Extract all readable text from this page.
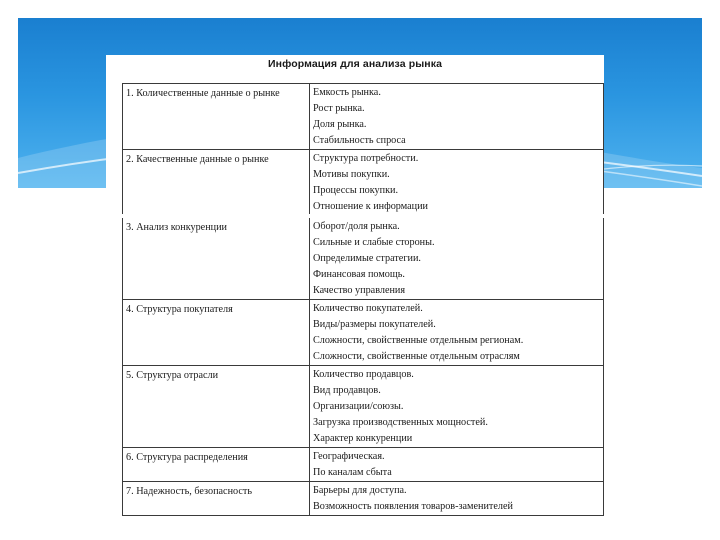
Информация для анализа рынка
1. Количественные данные о рынке	Емкость рынка.
Рост рынка.
Доля рынка.
Стабильность спроса

2. Качественные данные о рынке	Структура потребности.
Мотивы покупки.
Процессы покупки.
Отношение к информации
3. Анализ конкуренции	Оборот/доля рынка.
Сильные и слабые стороны.
Определимые стратегии.
Финансовая помощь.
Качество управления

4. Структура покупателя	Количество покупателей.
Виды/размеры покупателей.
Сложности, свойственные отдельным регионам.
Сложности, свойственные отдельным отраслям

5. Структура отрасли	Количество продавцов.
Вид продавцов.
Организации/союзы.
Загрузка производственных мощностей.
Характер конкуренции

6. Структура распределения	Географическая.
По каналам сбыта

7. Надежность, безопасность	Барьеры для доступа.
Возможность появления товаров-заменителей
